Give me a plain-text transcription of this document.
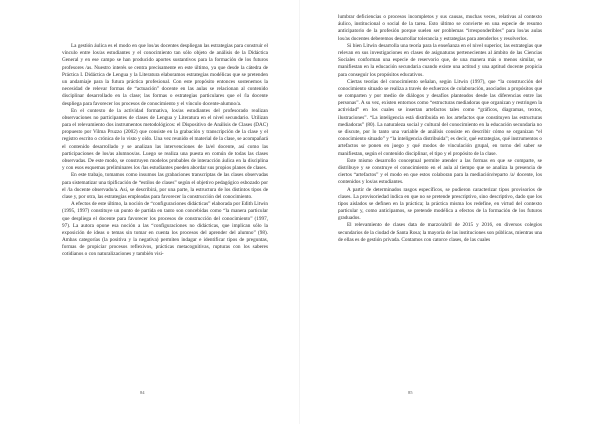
La gestión áulica es el modo en que los/as docentes despliegan las estrategias para construir el vínculo entre los/as estudiantes y el conocimiento tan sólo objeto de análisis de la Didáctica General y en ese campo se han producido aportes sustantivos para la formación de los futuros profesores /as. Nuestro interés se centra precisamente en este último, ya que desde la cátedra de Práctica I. Didáctica de Lengua y la Literatura elaboramos estrategias modélicas que se pretenden un andamiaje para la futura práctica profesional. Con este propósito entonces sostenemos la necesidad de relevar formas de “actuación” docente en las aulas se relacionan al contenido disciplinar desarrollado en la clase; las formas o estrategias particulares que el /la docente despliega para favorecer los procesos de conocimiento y el vínculo docente-alumno/a.

En el contexto de la actividad formativa, los/as estudiantes del profesorado realizan observaciones no participantes de clases de Lengua y Literatura en el nivel secundario. Utilizan para el relevamiento dos instrumentos metodológicos: el Dispositivo de Análisis de Clases (DAC) propuesto por Vilma Pruzzo (2002) que consiste en la grabación y transcripción de la clase y el registro escrito o crónica de lo visto y oído. Una vez reunido el material de la clase, se acompañará el contenido desarrollado y se analizan las intervenciones de la/el docente, así como las participaciones de los/as alumnos/as. Luego se realiza una puesta en común de todas las clases observadas. De este modo, se construyen modelos probables de interacción áulica en la disciplina y con esos esquemas preliminares los /las estudiantes pueden abordar sus propios planes de clases.

En este trabajo, tomamos como insumos las grabaciones transcriptas de las clases observadas para sistematizar una tipificación de “estilos de clases” según el objetivo pedagógico esbozado por el /la docente observado/a. Así, se describirá, por una parte, la estructura de los distintos tipos de clase y, por otra, las estrategias empleadas para favorecer la construcción del conocimiento.

A efectos de este último, la noción de “configuraciones didácticas” elaborada por Edith Litwin (1995, 1997) constituye un punto de partida en tanto son concebidas como “la manera particular que despliega el docente para favorecer los procesos de construcción del conocimiento” (1997, 97). La autora opone esa noción a las “configuraciones no didácticas, que implican sólo la exposición de ideas o temas sin tomar en cuenta los procesos del aprender del alumno” (98). Ambas categorías (la positiva y la negativa) permiten indagar e identificar tipos de preguntas, formas de propiciar procesos reflexivos, prácticas metacognitivas, rupturas con los saberes cotidianos o con naturalizaciones y también visi-

84

lumbrar deficiencias o procesos incompletos y sus causas, muchas veces, relativas al contexto áulico, institucional o social de la tarea. Esto último se convierte en una especie de resumo anticipatorio de la profesión porque suelen ser problemas “irresponderibles” para los/as aulas los/as docentes deberemos desarrollar tolerancia y estrategias para atenderlos y resolverlos.

Si bien Litwin desarrolla una teoría para la enseñanza en el nivel superior, las estrategias que relevan en sus investigaciones en clases de asignaturas pertenecientes al ámbito de las Ciencias Sociales conforman una especie de reservorio que, de una manera más o menos similar, se manifiestan en la educación secundaria cuando existe una actitud y una aptitud docente propicia para conseguir los propósitos educativos.

Ciertas teorías del conocimiento señalan, según Litwin (1997), que “la construcción del conocimiento situado se realiza a través de esfuerzos de colaboración, asociados a propósitos que se comparten y por medio de diálogos y desafíos planteados desde las diferencias entre las personas”. A su vez, existen entornos como “estructuras mediadoras que organizan y restringen la actividad” en los cuales se insertan artefactos tales como “gráficos, diagramas, textos, ilustraciones”. “La inteligencia está distribuida en los artefactos que constituyen las estructuras mediadoras” (80). La naturaleza social y cultural del conocimiento en la educación secundaria no se discute, por lo tanto una variable de análisis consiste en describir cómo se organizan “el conocimiento situado” y “la inteligencia distribuida”; es decir, qué estrategias, qué instrumentos o artefactos se ponen en juego y qué modos de vinculación grupal, en torno del saber se manifiestan, según el contenido disciplinar, el tipo y el propósito de la clase.

Este mismo desarrollo conceptual permite atender a las formas en que se comparte, se distribuye y se construye el conocimiento en el aula al tiempo que se analiza la presencia de ciertos “artefactos” y el modo en que estos colaboran para la mediación/reparto /a/ docente, los contenidos y los/as estudiantes.

A partir de determinados rasgos específicos, se pudieron caracterizar tipos provisorios de clases. La provisoriedad indica en que no se pretende prescriptivo, sino descriptivo, dado que los tipos aislados se definen en la práctica; la práctica misma los redefine, en virtud del contexto particular y, como anticipamos, se pretende modélica a efectos de la formación de los futuros graduados.

El relevamiento de clases data de marzo/abril de 2015 y 2016, en diversos colegios secundarios de la ciudad de Santa Rosa; la mayoría de las instituciones son públicas, mientras una de ellas es de gestión privada. Contamos con catorce clases, de las cuales

85
